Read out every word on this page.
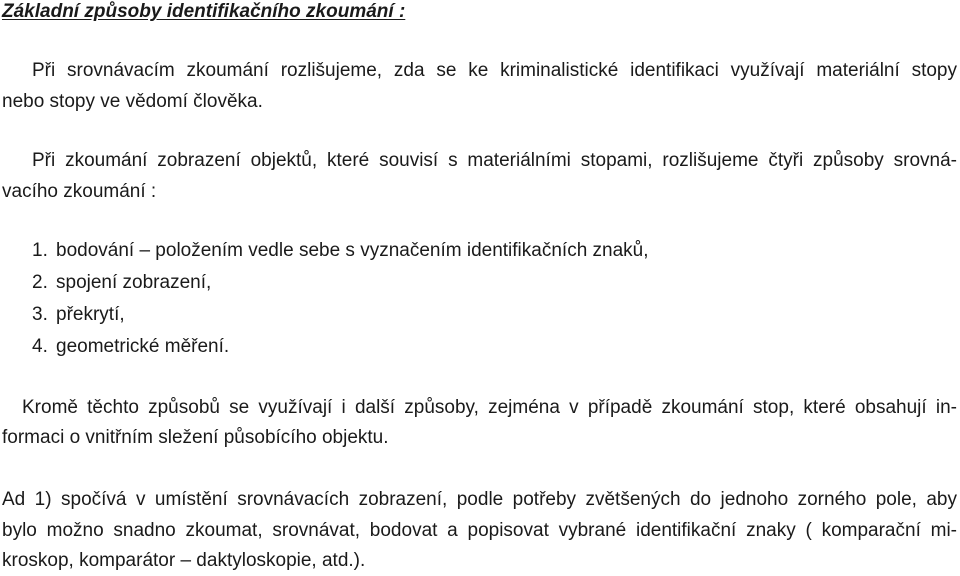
Základní způsoby identifikačního zkoumání :
Při srovnávacím zkoumání rozlišujeme, zda se ke kriminalistické identifikaci využívají materiální stopy
nebo stopy ve vědomí člověka.
Při zkoumání zobrazení objektů, které souvisí s materiálními stopami, rozlišujeme čtyři způsoby srovná-
vacího zkoumání :
1. bodování – položením vedle sebe s vyznačením identifikačních znaků,
2. spojení zobrazení,
3. překrytí,
4. geometrické měření.
Kromě těchto způsobů se využívají i další způsoby, zejména v případě zkoumání stop, které obsahují in-
formaci o vnitřním sležení působícího objektu.
Ad 1) spočívá v umístění srovnávacích zobrazení, podle potřeby zvětšených do jednoho zorného pole, aby
bylo možno snadno zkoumat, srovnávat, bodovat a popisovat vybrané identifikační znaky ( komparační mi-
kroskop, komparátor – daktyloskopie, atd.).
